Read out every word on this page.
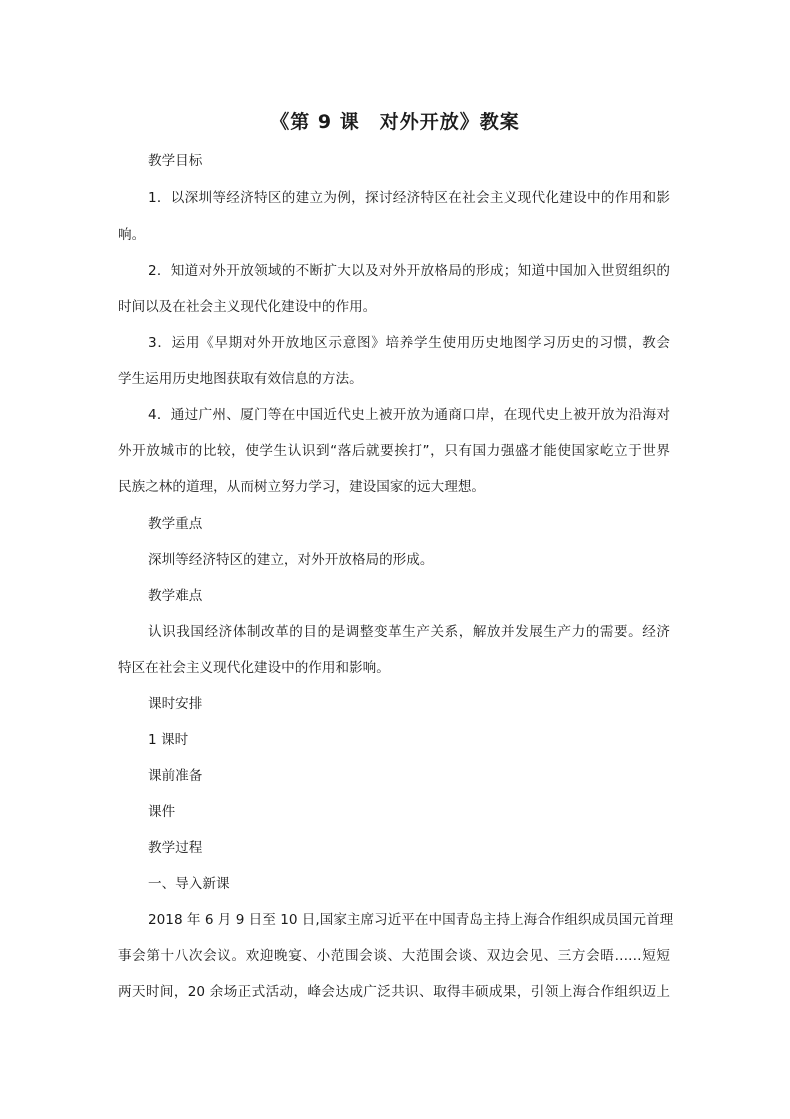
《第 9 课　对外开放》教案
教学目标
1．以深圳等经济特区的建立为例，探讨经济特区在社会主义现代化建设中的作用和影
响。
2．知道对外开放领域的不断扩大以及对外开放格局的形成；知道中国加入世贸组织的
时间以及在社会主义现代化建设中的作用。
3．运用《早期对外开放地区示意图》培养学生使用历史地图学习历史的习惯，教会
学生运用历史地图获取有效信息的方法。
4．通过广州、厦门等在中国近代史上被开放为通商口岸，在现代史上被开放为沿海对
外开放城市的比较，使学生认识到“落后就要挨打”，只有国力强盛才能使国家屹立于世界
民族之林的道理，从而树立努力学习，建设国家的远大理想。
教学重点
深圳等经济特区的建立，对外开放格局的形成。
教学难点
认识我国经济体制改革的目的是调整变革生产关系，解放并发展生产力的需要。经济
特区在社会主义现代化建设中的作用和影响。
课时安排
1 课时
课前准备
课件
教学过程
一、导入新课
2018 年 6 月 9 日至 10 日,国家主席习近平在中国青岛主持上海合作组织成员国元首理
事会第十八次会议。欢迎晚宴、小范围会谈、大范围会谈、双边会见、三方会晤……短短
两天时间，20 余场正式活动，峰会达成广泛共识、取得丰硕成果，引领上海合作组织迈上
